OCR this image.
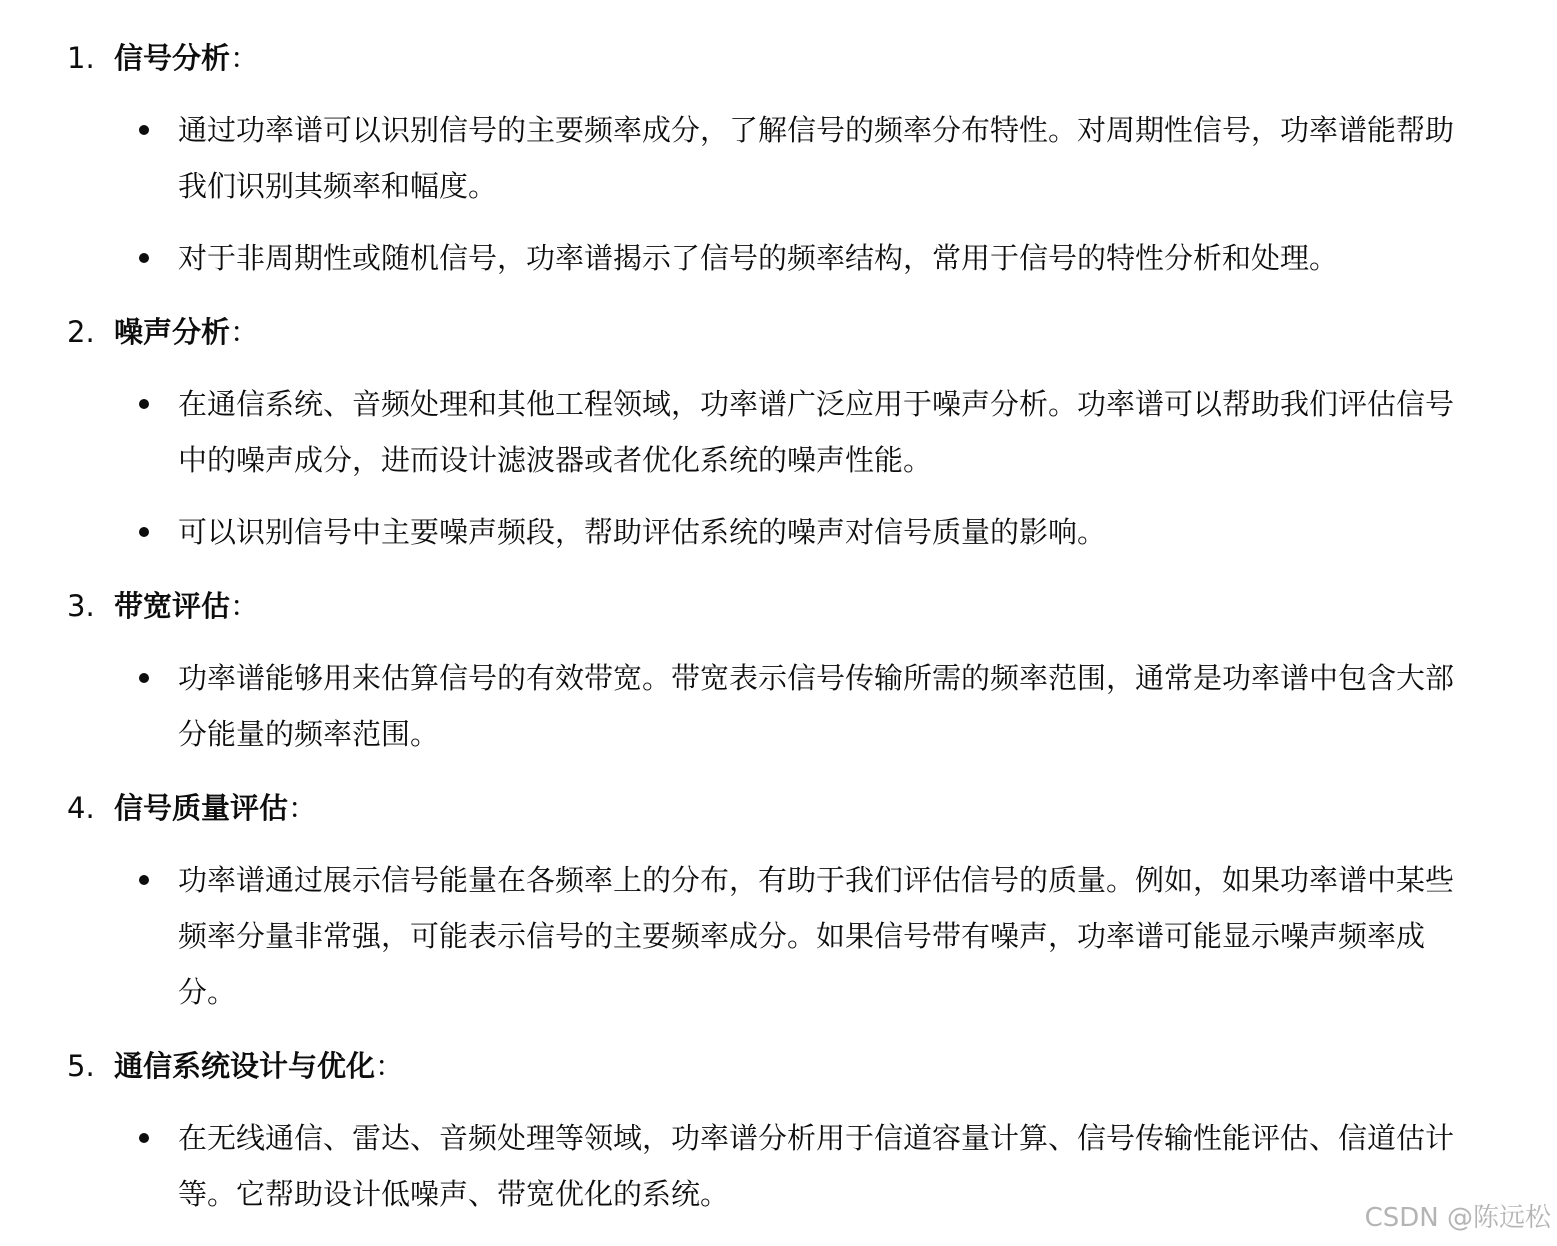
1. 信号分析：
通过功率谱可以识别信号的主要频率成分，了解信号的频率分布特性。对周期性信号，功率谱能帮助我们识别其频率和幅度。
对于非周期性或随机信号，功率谱揭示了信号的频率结构，常用于信号的特性分析和处理。
2. 噪声分析：
在通信系统、音频处理和其他工程领域，功率谱广泛应用于噪声分析。功率谱可以帮助我们评估信号中的噪声成分，进而设计滤波器或者优化系统的噪声性能。
可以识别信号中主要噪声频段，帮助评估系统的噪声对信号质量的影响。
3. 带宽评估：
功率谱能够用来估算信号的有效带宽。带宽表示信号传输所需的频率范围，通常是功率谱中包含大部分能量的频率范围。
4. 信号质量评估：
功率谱通过展示信号能量在各频率上的分布，有助于我们评估信号的质量。例如，如果功率谱中某些频率分量非常强，可能表示信号的主要频率成分。如果信号带有噪声，功率谱可能显示噪声频率成分。
5. 通信系统设计与优化：
在无线通信、雷达、音频处理等领域，功率谱分析用于信道容量计算、信号传输性能评估、信道估计等。它帮助设计低噪声、带宽优化的系统。
CSDN @陈远松
